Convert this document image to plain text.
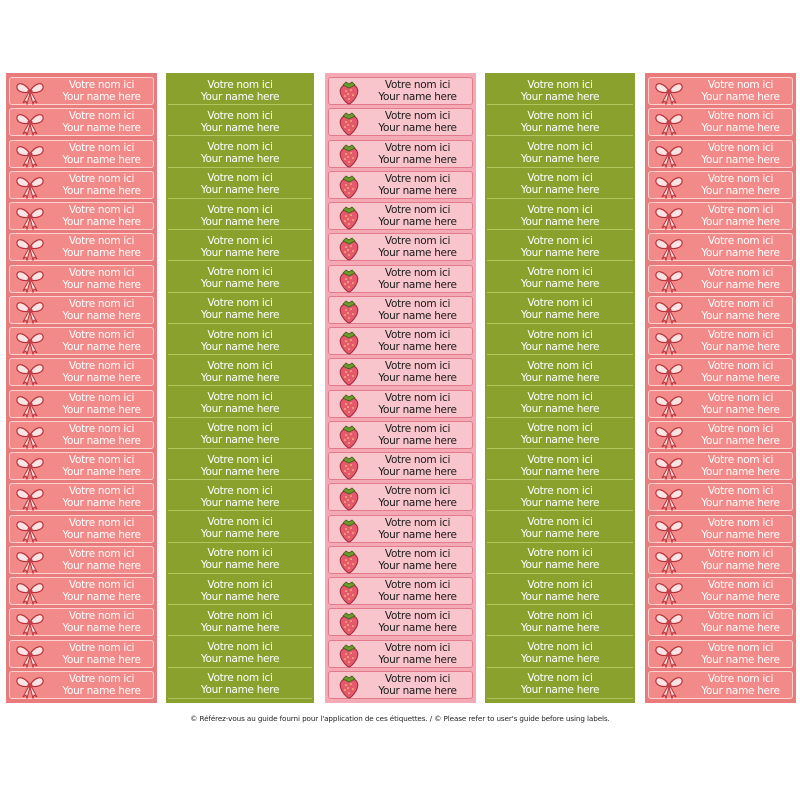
Votre nom ici
Your name here
Votre nom ici
Your name here
Votre nom ici
Your name here
Votre nom ici
Your name here
Votre nom ici
Your name here
Votre nom ici
Your name here
Votre nom ici
Your name here
Votre nom ici
Your name here
Votre nom ici
Your name here
Votre nom ici
Your name here
Votre nom ici
Your name here
Votre nom ici
Your name here
Votre nom ici
Your name here
Votre nom ici
Your name here
Votre nom ici
Your name here
Votre nom ici
Your name here
Votre nom ici
Your name here
Votre nom ici
Your name here
Votre nom ici
Your name here
Votre nom ici
Your name here
Votre nom ici
Your name here
Votre nom ici
Your name here
Votre nom ici
Your name here
Votre nom ici
Your name here
Votre nom ici
Your name here
Votre nom ici
Your name here
Votre nom ici
Your name here
Votre nom ici
Your name here
Votre nom ici
Your name here
Votre nom ici
Your name here
Votre nom ici
Your name here
Votre nom ici
Your name here
Votre nom ici
Your name here
Votre nom ici
Your name here
Votre nom ici
Your name here
Votre nom ici
Your name here
Votre nom ici
Your name here
Votre nom ici
Your name here
Votre nom ici
Your name here
Votre nom ici
Your name here
Votre nom ici
Your name here
Votre nom ici
Your name here
Votre nom ici
Your name here
Votre nom ici
Your name here
Votre nom ici
Your name here
Votre nom ici
Your name here
Votre nom ici
Your name here
Votre nom ici
Your name here
Votre nom ici
Your name here
Votre nom ici
Your name here
Votre nom ici
Your name here
Votre nom ici
Your name here
Votre nom ici
Your name here
Votre nom ici
Your name here
Votre nom ici
Your name here
Votre nom ici
Your name here
Votre nom ici
Your name here
Votre nom ici
Your name here
Votre nom ici
Your name here
Votre nom ici
Your name here
Votre nom ici
Your name here
Votre nom ici
Your name here
Votre nom ici
Your name here
Votre nom ici
Your name here
Votre nom ici
Your name here
Votre nom ici
Your name here
Votre nom ici
Your name here
Votre nom ici
Your name here
Votre nom ici
Your name here
Votre nom ici
Your name here
Votre nom ici
Your name here
Votre nom ici
Your name here
Votre nom ici
Your name here
Votre nom ici
Your name here
Votre nom ici
Your name here
Votre nom ici
Your name here
Votre nom ici
Your name here
Votre nom ici
Your name here
Votre nom ici
Your name here
Votre nom ici
Your name here
Votre nom ici
Your name here
Votre nom ici
Your name here
Votre nom ici
Your name here
Votre nom ici
Your name here
Votre nom ici
Your name here
Votre nom ici
Your name here
Votre nom ici
Your name here
Votre nom ici
Your name here
Votre nom ici
Your name here
Votre nom ici
Your name here
Votre nom ici
Your name here
Votre nom ici
Your name here
Votre nom ici
Your name here
Votre nom ici
Your name here
Votre nom ici
Your name here
Votre nom ici
Your name here
Votre nom ici
Your name here
Votre nom ici
Your name here
Votre nom ici
Your name here
Votre nom ici
Your name here
© Référez-vous au guide fourni pour l'application de ces étiquettes. / © Please refer to user's guide before using labels.
